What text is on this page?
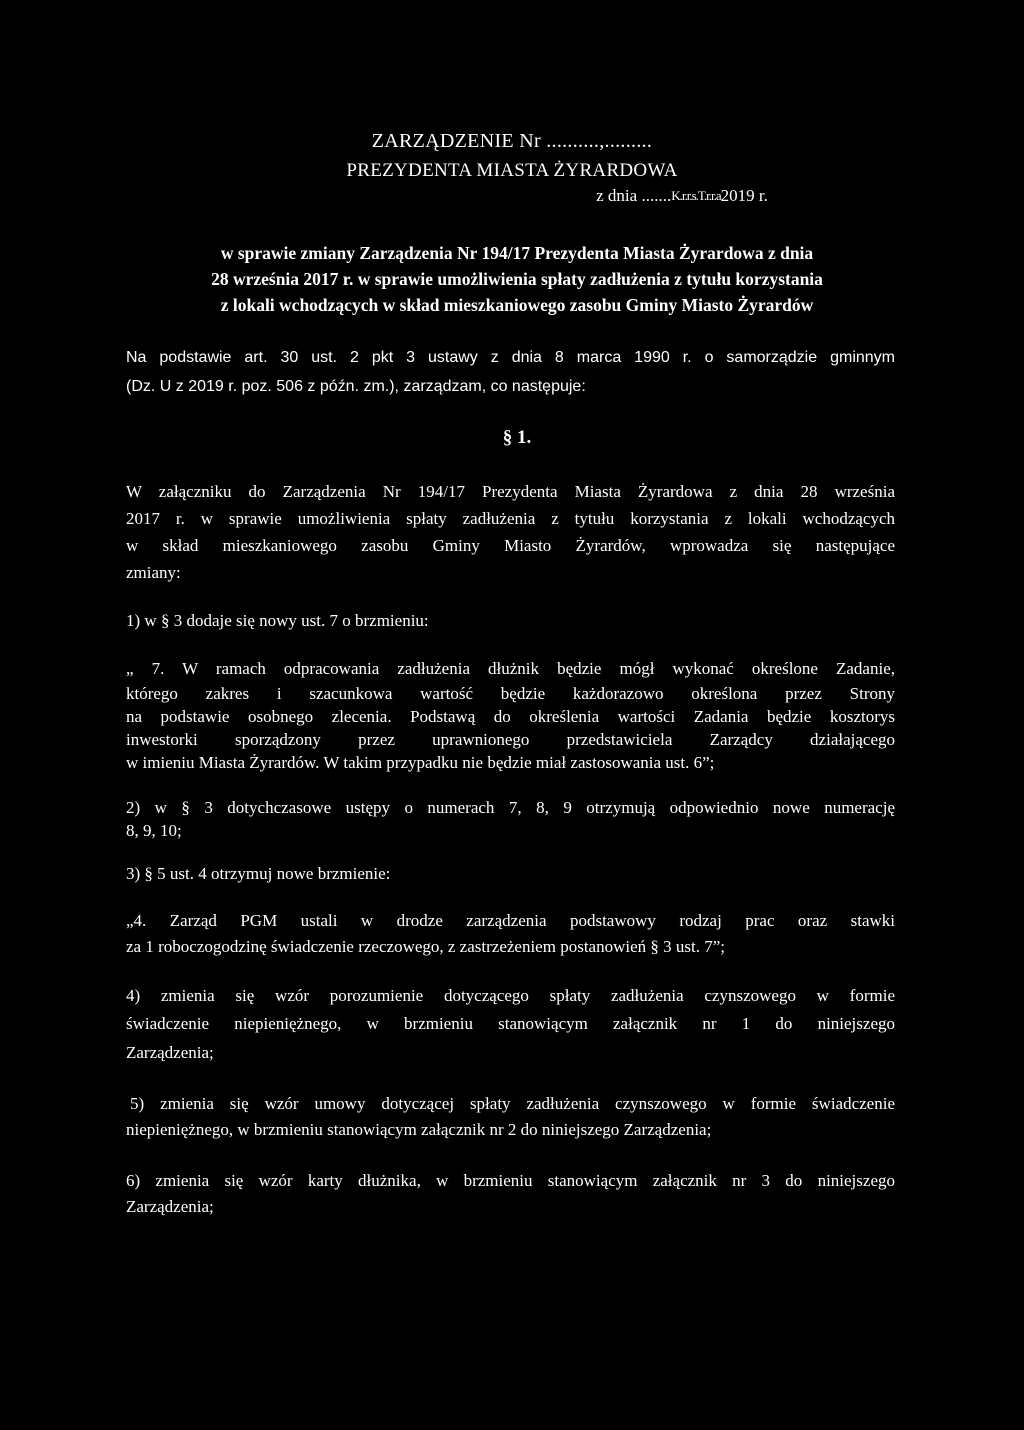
ZARZĄDZENIE Nr ..........,.........
PREZYDENTA MIASTA ŻYRARDOWA
z dnia .......K.r.r.s.T.r.r.a2019 r.
w sprawie zmiany Zarządzenia Nr 194/17 Prezydenta Miasta Żyrardowa z dnia
28 września 2017 r. w sprawie umożliwienia spłaty zadłużenia z tytułu korzystania
z lokali wchodzących w skład mieszkaniowego zasobu Gminy Miasto Żyrardów
Na podstawie art. 30 ust. 2 pkt 3 ustawy z dnia 8 marca 1990 r. o samorządzie gminnym
(Dz. U z 2019 r. poz. 506 z późn. zm.), zarządzam, co następuje:
§ 1.
W załączniku do Zarządzenia Nr 194/17 Prezydenta Miasta Żyrardowa z dnia 28 września
2017 r. w sprawie umożliwienia spłaty zadłużenia z tytułu korzystania z lokali wchodzących
w skład mieszkaniowego zasobu Gminy Miasto Żyrardów, wprowadza się następujące
zmiany:
1) w § 3 dodaje się nowy ust. 7 o brzmieniu:
„ 7. W ramach odpracowania zadłużenia dłużnik będzie mógł wykonać określone Zadanie,
którego zakres i szacunkowa wartość będzie każdorazowo określona przez Strony
na podstawie osobnego zlecenia. Podstawą do określenia wartości Zadania będzie kosztorys
inwestorki sporządzony przez uprawnionego przedstawiciela Zarządcy działającego
w imieniu Miasta Żyrardów. W takim przypadku nie będzie miał zastosowania ust. 6”;
2) w § 3 dotychczasowe ustępy o numerach 7, 8, 9 otrzymują odpowiednio nowe numerację
8, 9, 10;
3) § 5 ust. 4 otrzymuj nowe brzmienie:
„4. Zarząd PGM ustali w drodze zarządzenia podstawowy rodzaj prac oraz stawki
za 1 roboczogodzinę świadczenie rzeczowego, z zastrzeżeniem postanowień § 3 ust. 7”;
4) zmienia się wzór porozumienie dotyczącego spłaty zadłużenia czynszowego w formie
świadczenie niepieniężnego, w brzmieniu stanowiącym załącznik nr 1 do niniejszego
Zarządzenia;
5) zmienia się wzór umowy dotyczącej spłaty zadłużenia czynszowego w formie świadczenie
niepieniężnego, w brzmieniu stanowiącym załącznik nr 2 do niniejszego Zarządzenia;
6) zmienia się wzór karty dłużnika, w brzmieniu stanowiącym załącznik nr 3 do niniejszego
Zarządzenia;
